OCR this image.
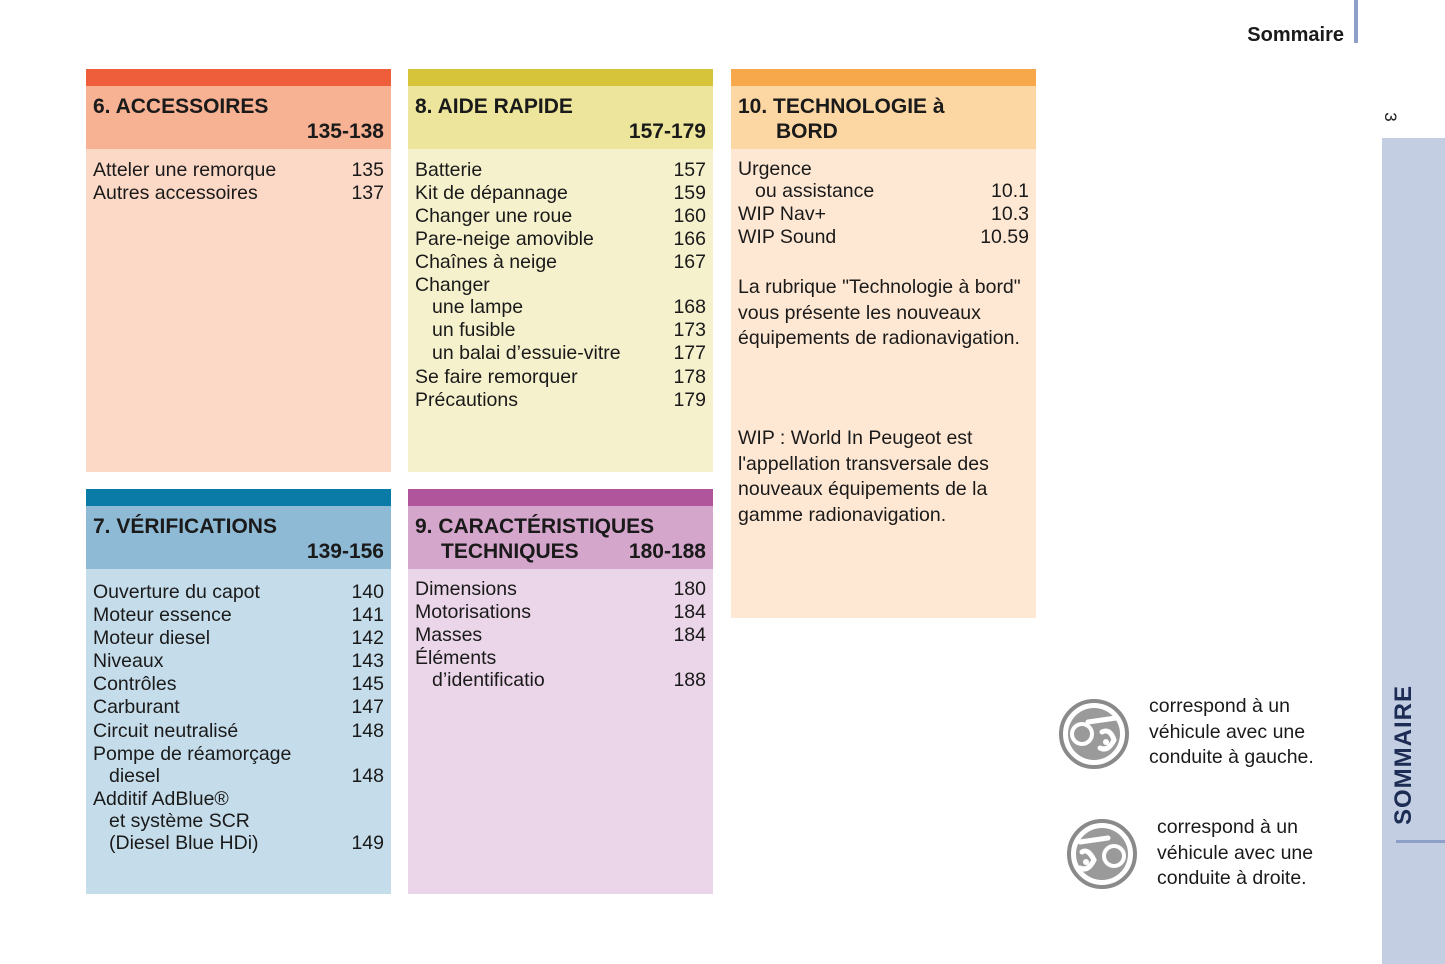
Sommaire
3
SOMMAIRE
6. ACCESSOIRES
135-138
Atteler une remorque	135
Autres accessoires	137
8. AIDE RAPIDE
157-179
Batterie	157
Kit de dépannage	159
Changer une roue	160
Pare-neige amovible	166
Chaînes à neige	167
Changer
une lampe	168
un fusible	173
un balai d’essuie-vitre	177
Se faire remorquer	178
Précautions	179
10. TECHNOLOGIE à
BORD
Urgence
ou assistance	10.1
WIP Nav+	10.3
WIP Sound	10.59
La rubrique "Technologie à bord" vous présente les nouveaux équipements de radionavigation.
WIP : World In Peugeot est l'appellation transversale des nouveaux équipements de la gamme radionavigation.
7. VÉRIFICATIONS
139-156
Ouverture du capot	140
Moteur essence	141
Moteur diesel	142
Niveaux	143
Contrôles	145
Carburant	147
Circuit neutralisé	148
Pompe de réamorçage
diesel	148
Additif AdBlue®
et système SCR
(Diesel Blue HDi)	149
9. CARACTÉRISTIQUES
TECHNIQUES	180-188
Dimensions	180
Motorisations	184
Masses	184
Éléments
d’identificatio	188
correspond à un véhicule avec une conduite à gauche.
correspond à un véhicule avec une conduite à droite.
